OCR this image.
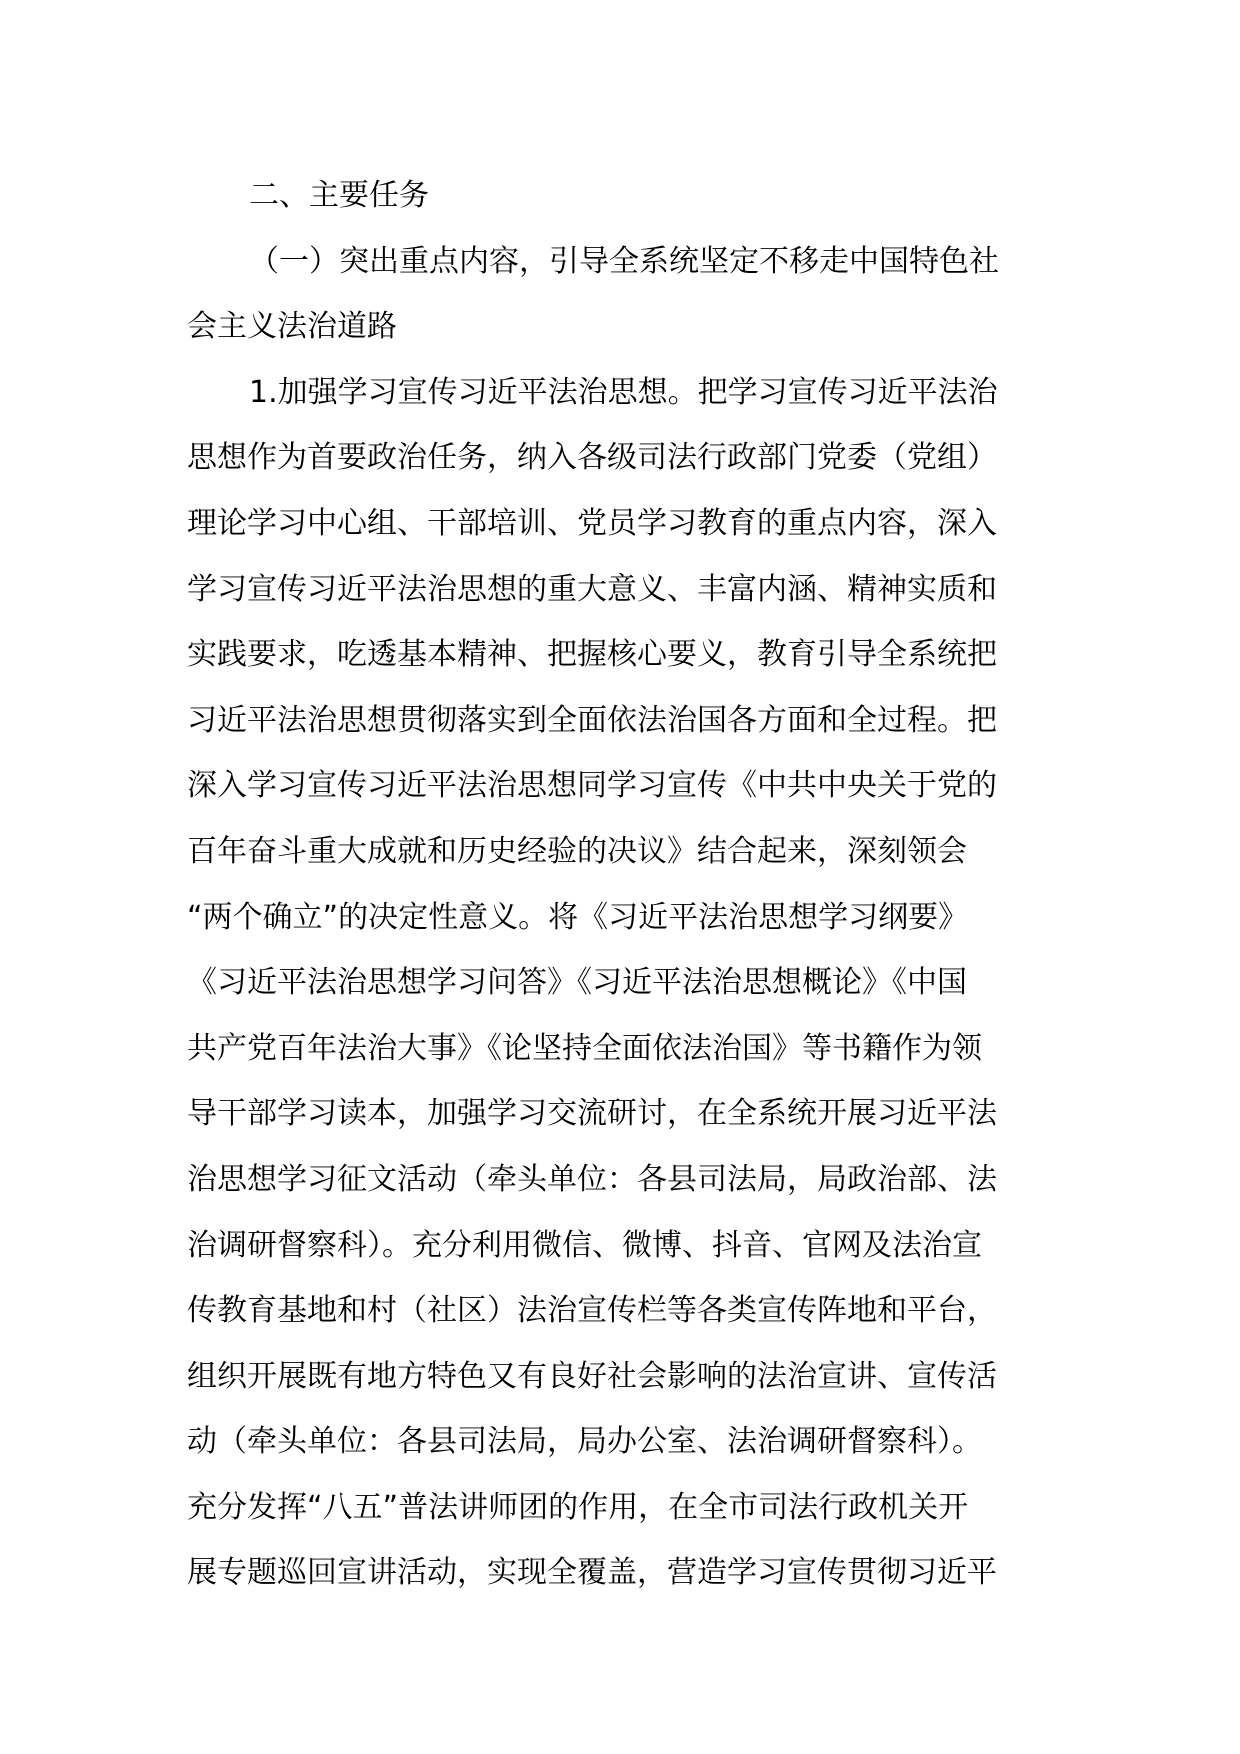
二、主要任务
（一）突出重点内容，引导全系统坚定不移走中国特色社
会主义法治道路
1.加强学习宣传习近平法治思想。把学习宣传习近平法治
思想作为首要政治任务，纳入各级司法行政部门党委（党组）
理论学习中心组、干部培训、党员学习教育的重点内容，深入
学习宣传习近平法治思想的重大意义、丰富内涵、精神实质和
实践要求，吃透基本精神、把握核心要义，教育引导全系统把
习近平法治思想贯彻落实到全面依法治国各方面和全过程。把
深入学习宣传习近平法治思想同学习宣传《中共中央关于党的
百年奋斗重大成就和历史经验的决议》结合起来，深刻领会
“两个确立”的决定性意义。将《习近平法治思想学习纲要》
《习近平法治思想学习问答》《习近平法治思想概论》《中国
共产党百年法治大事》《论坚持全面依法治国》等书籍作为领
导干部学习读本，加强学习交流研讨，在全系统开展习近平法
治思想学习征文活动（牵头单位：各县司法局，局政治部、法
治调研督察科）。充分利用微信、微博、抖音、官网及法治宣
传教育基地和村（社区）法治宣传栏等各类宣传阵地和平台，
组织开展既有地方特色又有良好社会影响的法治宣讲、宣传活
动（牵头单位：各县司法局，局办公室、法治调研督察科）。
充分发挥“八五”普法讲师团的作用，在全市司法行政机关开
展专题巡回宣讲活动，实现全覆盖，营造学习宣传贯彻习近平
